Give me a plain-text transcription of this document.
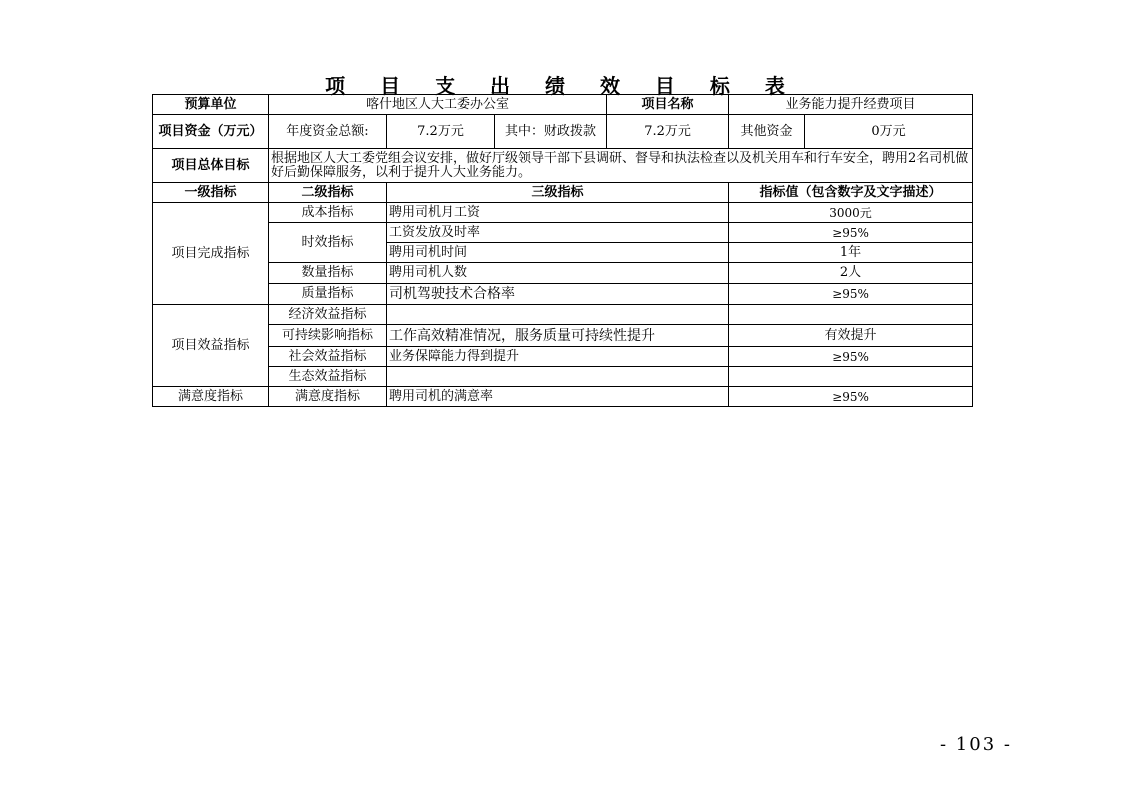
项 目 支 出 绩 效 目 标 表
预算单位	喀什地区人大工委办公室			项目名称	业务能力提升经费项目	
项目资金（万元）	年度资金总额:	7.2万元	其中：财政拨款	7.2万元	其他资金	0万元
项目总体目标	根据地区人大工委党组会议安排，做好厅级领导干部下县调研、督导和执法检查以及机关用车和行车安全，聘用2名司机做好后勤保障服务，以利于提升人大业务能力。					
一级指标	二级指标	三级指标			指标值（包含数字及文字描述）	
项目完成指标	成本指标	聘用司机月工资			3000元	
	时效指标	工资发放及时率			≥95%	
		聘用司机时间			1年	
	数量指标	聘用司机人数			2人	
	质量指标	司机驾驶技术合格率			≥95%	
项目效益指标	经济效益指标					
	可持续影响指标	工作高效精准情况，服务质量可持续性提升			有效提升	
	社会效益指标	业务保障能力得到提升			≥95%	
	生态效益指标					
满意度指标	满意度指标	聘用司机的满意率			≥95%	
- 103 -
